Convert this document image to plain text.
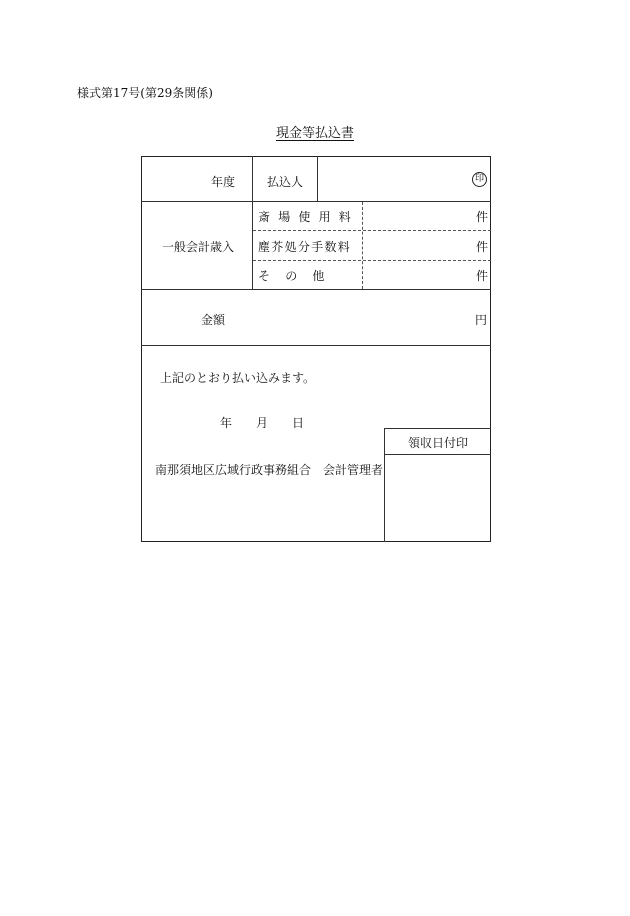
様式第17号(第29条関係)
現金等払込書
年度	払込人	印
一般会計歳入
斎場使用料	件
塵芥処分手数料	件
そ　の　他	件
金額	円
上記のとおり払い込みます。
年 月 日
領収日付印
南那須地区広域行政事務組合　会計管理者
